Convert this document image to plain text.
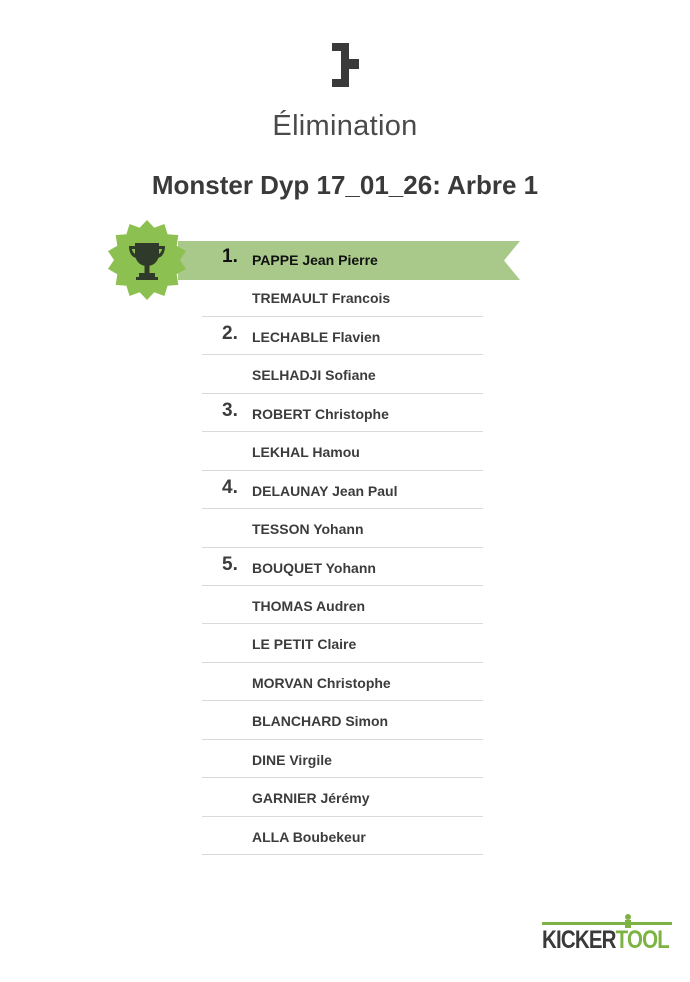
Élimination
Monster Dyp 17_01_26: Arbre 1
1. PAPPE Jean Pierre
TREMAULT Francois
2. LECHABLE Flavien
SELHADJI Sofiane
3. ROBERT Christophe
LEKHAL Hamou
4. DELAUNAY Jean Paul
TESSON Yohann
5. BOUQUET Yohann
THOMAS Audren
LE PETIT Claire
MORVAN Christophe
BLANCHARD Simon
DINE Virgile
GARNIER Jérémy
ALLA Boubekeur
KICKERTOOL
